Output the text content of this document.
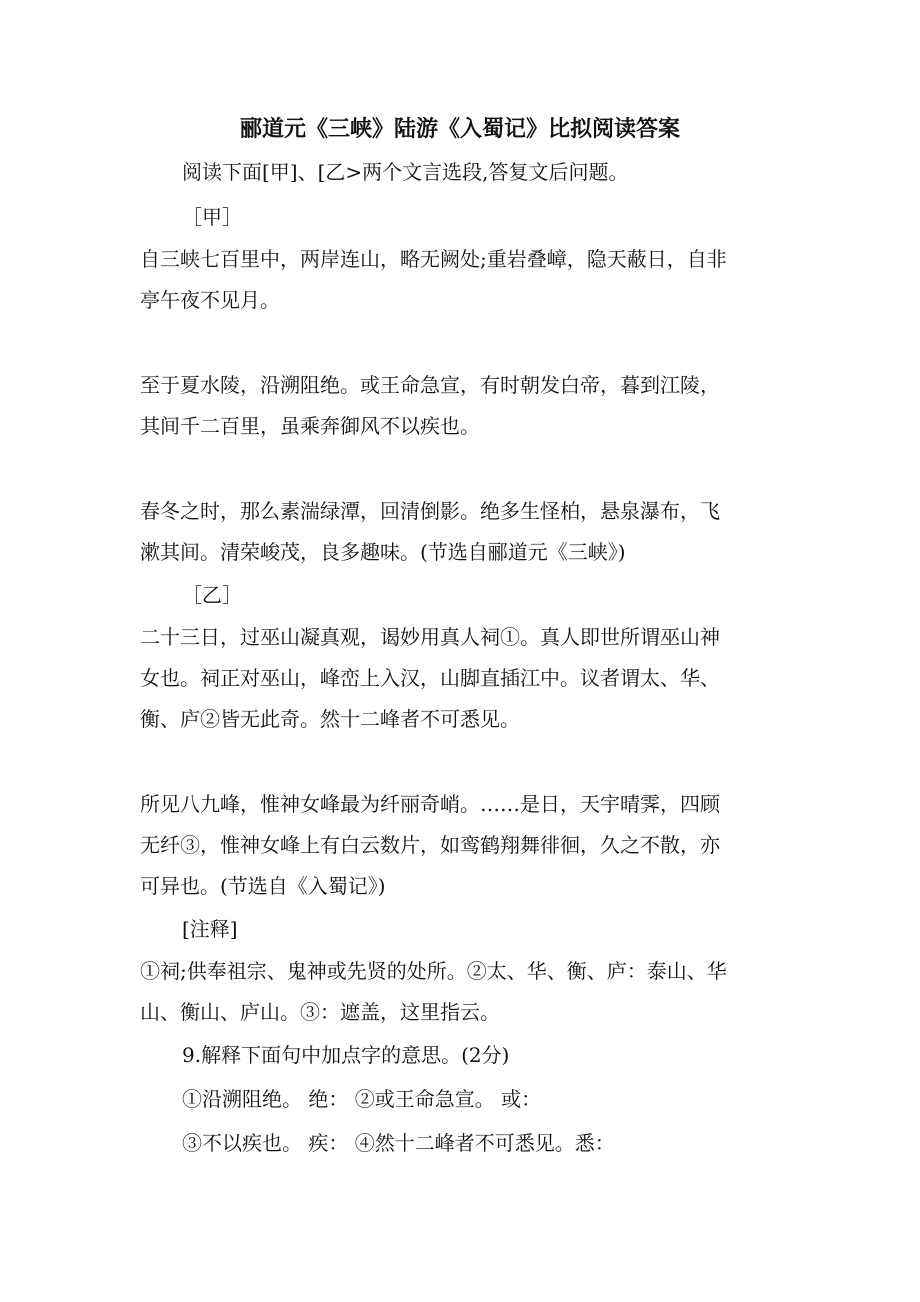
郦道元《三峡》陆游《入蜀记》比拟阅读答案
阅读下面[甲]、[乙>两个文言选段,答复文后问题。
［甲］
自三峡七百里中，两岸连山，略无阙处;重岩叠嶂，隐天蔽日，自非
亭午夜不见月。
至于夏水陵，沿溯阻绝。或王命急宣，有时朝发白帝，暮到江陵，
其间千二百里，虽乘奔御风不以疾也。
春冬之时，那么素湍绿潭，回清倒影。绝多生怪柏，悬泉瀑布，飞
漱其间。清荣峻茂，良多趣味。(节选自郦道元《三峡》)
［乙］
二十三日，过巫山凝真观，谒妙用真人祠①。真人即世所谓巫山神
女也。祠正对巫山，峰峦上入汉，山脚直插江中。议者谓太、华、
衡、庐②皆无此奇。然十二峰者不可悉见。
所见八九峰，惟神女峰最为纤丽奇峭。……是日，天宇晴霁，四顾
无纤③，惟神女峰上有白云数片，如鸾鹤翔舞徘徊，久之不散，亦
可异也。(节选自《入蜀记》)
[注释]
①祠;供奉祖宗、鬼神或先贤的处所。②太、华、衡、庐：泰山、华
山、衡山、庐山。③：遮盖，这里指云。
9.解释下面句中加点字的意思。(2分)
①沿溯阻绝。 绝： ②或王命急宣。 或：
③不以疾也。 疾： ④然十二峰者不可悉见。悉：
